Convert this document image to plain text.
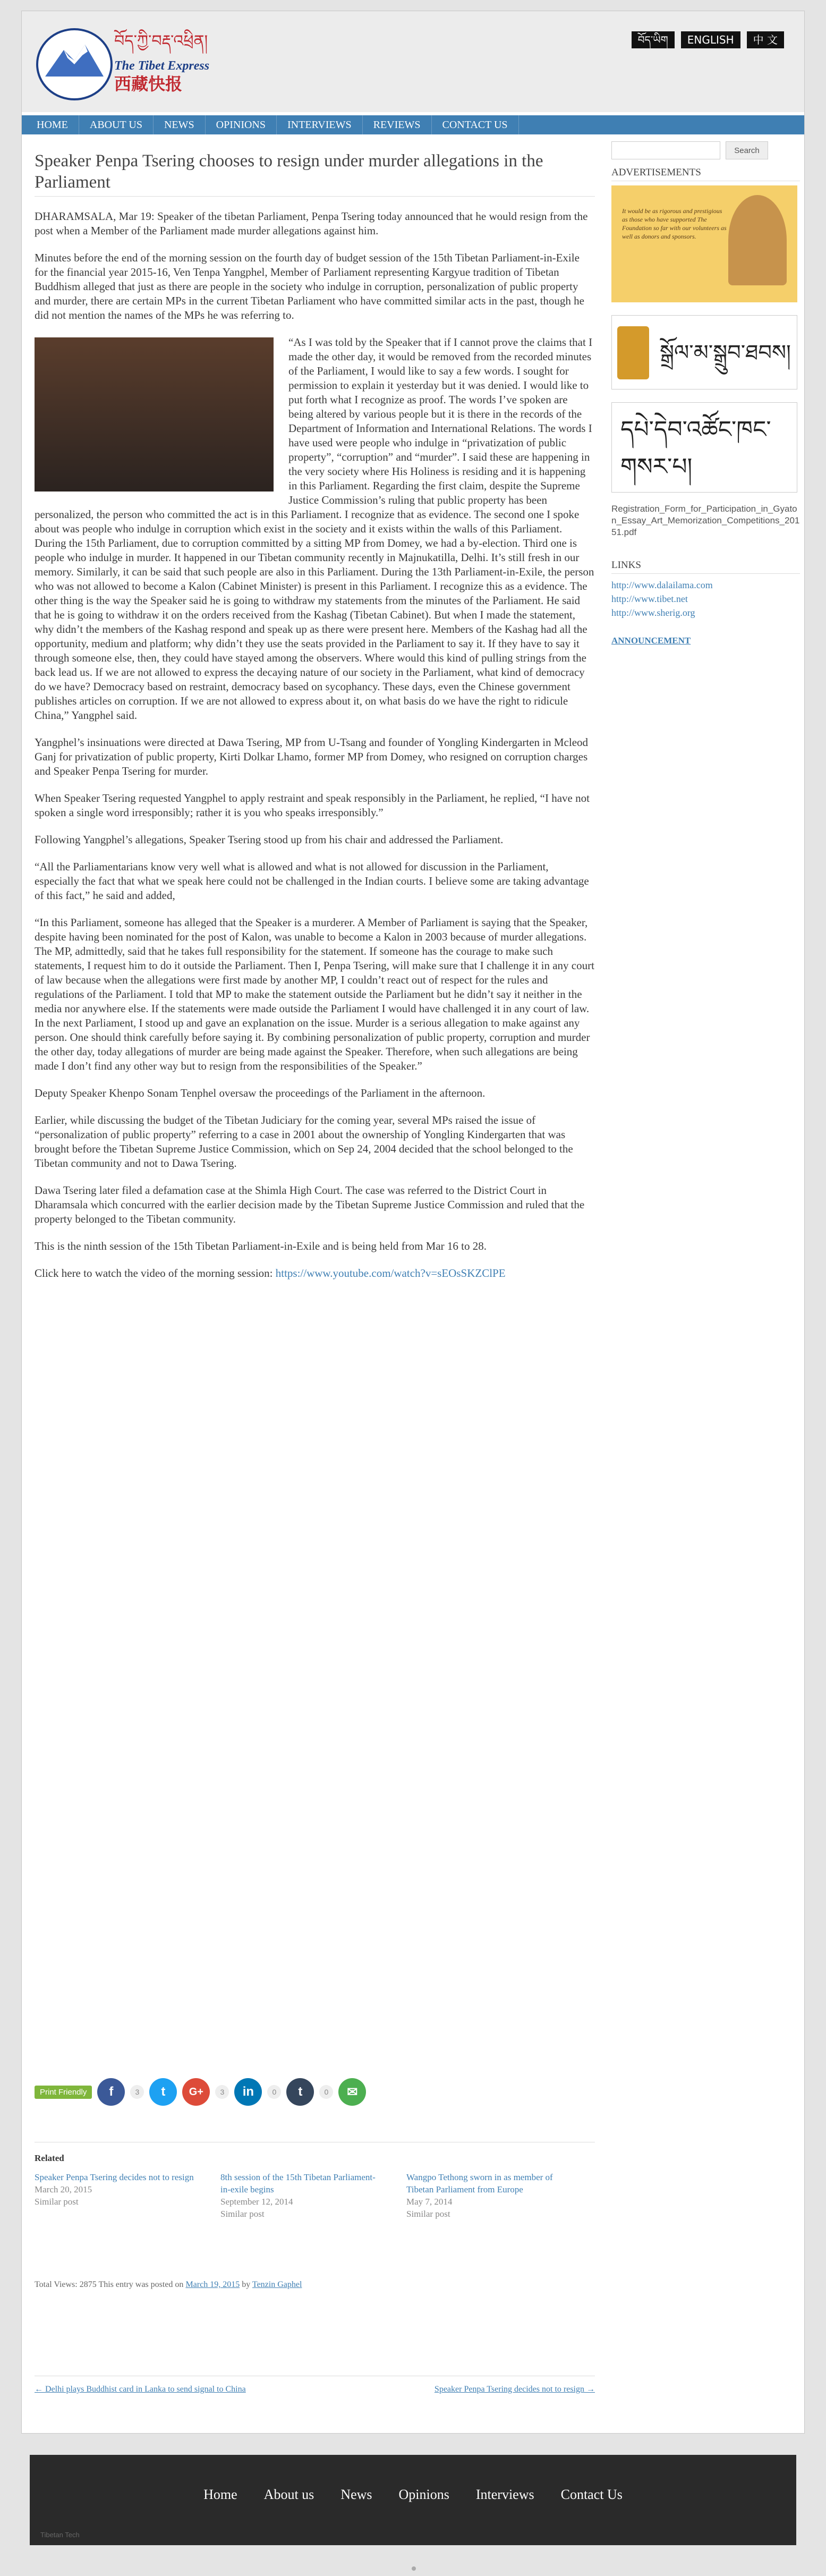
བོད་ཀྱི་བརྡ་འཕྲིན།
The Tibet Express
西藏快报
བོད་ཡིག	ENGLISH	中 文
HOME	ABOUT US	NEWS	OPINIONS	INTERVIEWS	REVIEWS	CONTACT US
Speaker Penpa Tsering chooses to resign under murder allegations in the Parliament

DHARAMSALA, Mar 19: Speaker of the tibetan Parliament, Penpa Tsering today announced that he would resign from the post when a Member of the Parliament made murder allegations against him.

Minutes before the end of the morning session on the fourth day of budget session of the 15th Tibetan Parliament-in-Exile for the financial year 2015-16, Ven Tenpa Yangphel, Member of Parliament representing Kargyue tradition of Tibetan Buddhism alleged that just as there are people in the society who indulge in corruption, personalization of public property and murder, there are certain MPs in the current Tibetan Parliament who have committed similar acts in the past, though he did not mention the names of the MPs he was referring to.

“As I was told by the Speaker that if I cannot prove the claims that I made the other day, it would be removed from the recorded minutes of the Parliament, I would like to say a few words. I sought for permission to explain it yesterday but it was denied. I would like to put forth what I recognize as proof. The words I’ve spoken are being altered by various people but it is there in the records of the Department of Information and International Relations. The words I have used were people who indulge in “privatization of public property”, “corruption” and “murder”. I said these are happening in the very society where His Holiness is residing and it is happening in this Parliament. Regarding the first claim, despite the Supreme Justice Commission’s ruling that public property has been personalized, the person who committed the act is in this Parliament. I recognize that as evidence. The second one I spoke about was people who indulge in corruption which exist in the society and it exists within the walls of this Parliament. During the 15th Parliament, due to corruption committed by a sitting MP from Domey, we had a by-election. Third one is people who indulge in murder. It happened in our Tibetan community recently in Majnukatilla, Delhi. It’s still fresh in our memory. Similarly, it can be said that such people are also in this Parliament. During the 13th Parliament-in-Exile, the person who was not allowed to become a Kalon (Cabinet Minister) is present in this Parliament. I recognize this as a evidence. The other thing is the way the Speaker said he is going to withdraw my statements from the minutes of the Parliament. He said that he is going to withdraw it on the orders received from the Kashag (Tibetan Cabinet). But when I made the statement, why didn’t the members of the Kashag respond and speak up as there were present here. Members of the Kashag had all the opportunity, medium and platform; why didn’t they use the seats provided in the Parliament to say it. If they have to say it through someone else, then, they could have stayed among the observers. Where would this kind of pulling strings from the back lead us. If we are not allowed to express the decaying nature of our society in the Parliament, what kind of democracy do we have? Democracy based on restraint, democracy based on sycophancy. These days, even the Chinese government publishes articles on corruption. If we are not allowed to express about it, on what basis do we have the right to ridicule China,” Yangphel said.

Yangphel’s insinuations were directed at Dawa Tsering, MP from U-Tsang and founder of Yongling Kindergarten in Mcleod Ganj for privatization of public property, Kirti Dolkar Lhamo, former MP from Domey, who resigned on corruption charges and Speaker Penpa Tsering for murder.

When Speaker Tsering requested Yangphel to apply restraint and speak responsibly in the Parliament, he replied, “I have not spoken a single word irresponsibly; rather it is you who speaks irresponsibly.”

Following Yangphel’s allegations, Speaker Tsering stood up from his chair and addressed the Parliament.

“All the Parliamentarians know very well what is allowed and what is not allowed for discussion in the Parliament, especially the fact that what we speak here could not be challenged in the Indian courts. I believe some are taking advantage of this fact,” he said and added,

“In this Parliament, someone has alleged that the Speaker is a murderer. A Member of Parliament is saying that the Speaker, despite having been nominated for the post of Kalon, was unable to become a Kalon in 2003 because of murder allegations. The MP, admittedly, said that he takes full responsibility for the statement. If someone has the courage to make such statements, I request him to do it outside the Parliament. Then I, Penpa Tsering, will make sure that I challenge it in any court of law because when the allegations were first made by another MP, I couldn’t react out of respect for the rules and regulations of the Parliament. I told that MP to make the statement outside the Parliament but he didn’t say it neither in the media nor anywhere else. If the statements were made outside the Parliament I would have challenged it in any court of law. In the next Parliament, I stood up and gave an explanation on the issue. Murder is a serious allegation to make against any person. One should think carefully before saying it. By combining personalization of public property, corruption and murder the other day, today allegations of murder are being made against the Speaker. Therefore, when such allegations are being made I don’t find any other way but to resign from the responsibilities of the Speaker.”

Deputy Speaker Khenpo Sonam Tenphel oversaw the proceedings of the Parliament in the afternoon.

Earlier, while discussing the budget of the Tibetan Judiciary for the coming year, several MPs raised the issue of “personalization of public property” referring to a case in 2001 about the ownership of Yongling Kindergarten that was brought before the Tibetan Supreme Justice Commission, which on Sep 24, 2004 decided that the school belonged to the Tibetan community and not to Dawa Tsering.

Dawa Tsering later filed a defamation case at the Shimla High Court. The case was referred to the District Court in Dharamsala which concurred with the earlier decision made by the Tibetan Supreme Justice Commission and ruled that the property belonged to the Tibetan community.

This is the ninth session of the 15th Tibetan Parliament-in-Exile and is being held from Mar 16 to 28.

Click here to watch the video of the morning session: https://www.youtube.com/watch?v=sEOsSKZClPE

Print Friendly	f	3	t	G+	3	in	0	t	0	✉
Related
Speaker Penpa Tsering decides not to resign
March 20, 2015
Similar post
8th session of the 15th Tibetan Parliament-in-exile begins
September 12, 2014
Similar post
Wangpo Tethong sworn in as member of Tibetan Parliament from Europe
May 7, 2014
Similar post
Total Views: 2875 This entry was posted on March 19, 2015 by Tenzin Gaphel
← Delhi plays Buddhist card in Lanka to send signal to China	Speaker Penpa Tsering decides not to resign →
Search
ADVERTISEMENTS
It would be as rigorous and prestigious as those who have supported The Foundation so far with our volunteers as well as donors and sponsors.
སྒྲོལ་མ་སྒྲུབ་ཐབས།
དཔེ་དེབ་འཚོང་ཁང་ གསར་པ།
Registration_Form_for_Participation_in_Gyaton_Essay_Art_Memorization_Competitions_20151.pdf
LINKS
http://www.dalailama.com
http://www.tibet.net
http://www.sherig.org
ANNOUNCEMENT
Home About us News Opinions Interviews Contact Us
Tibetan Tech
